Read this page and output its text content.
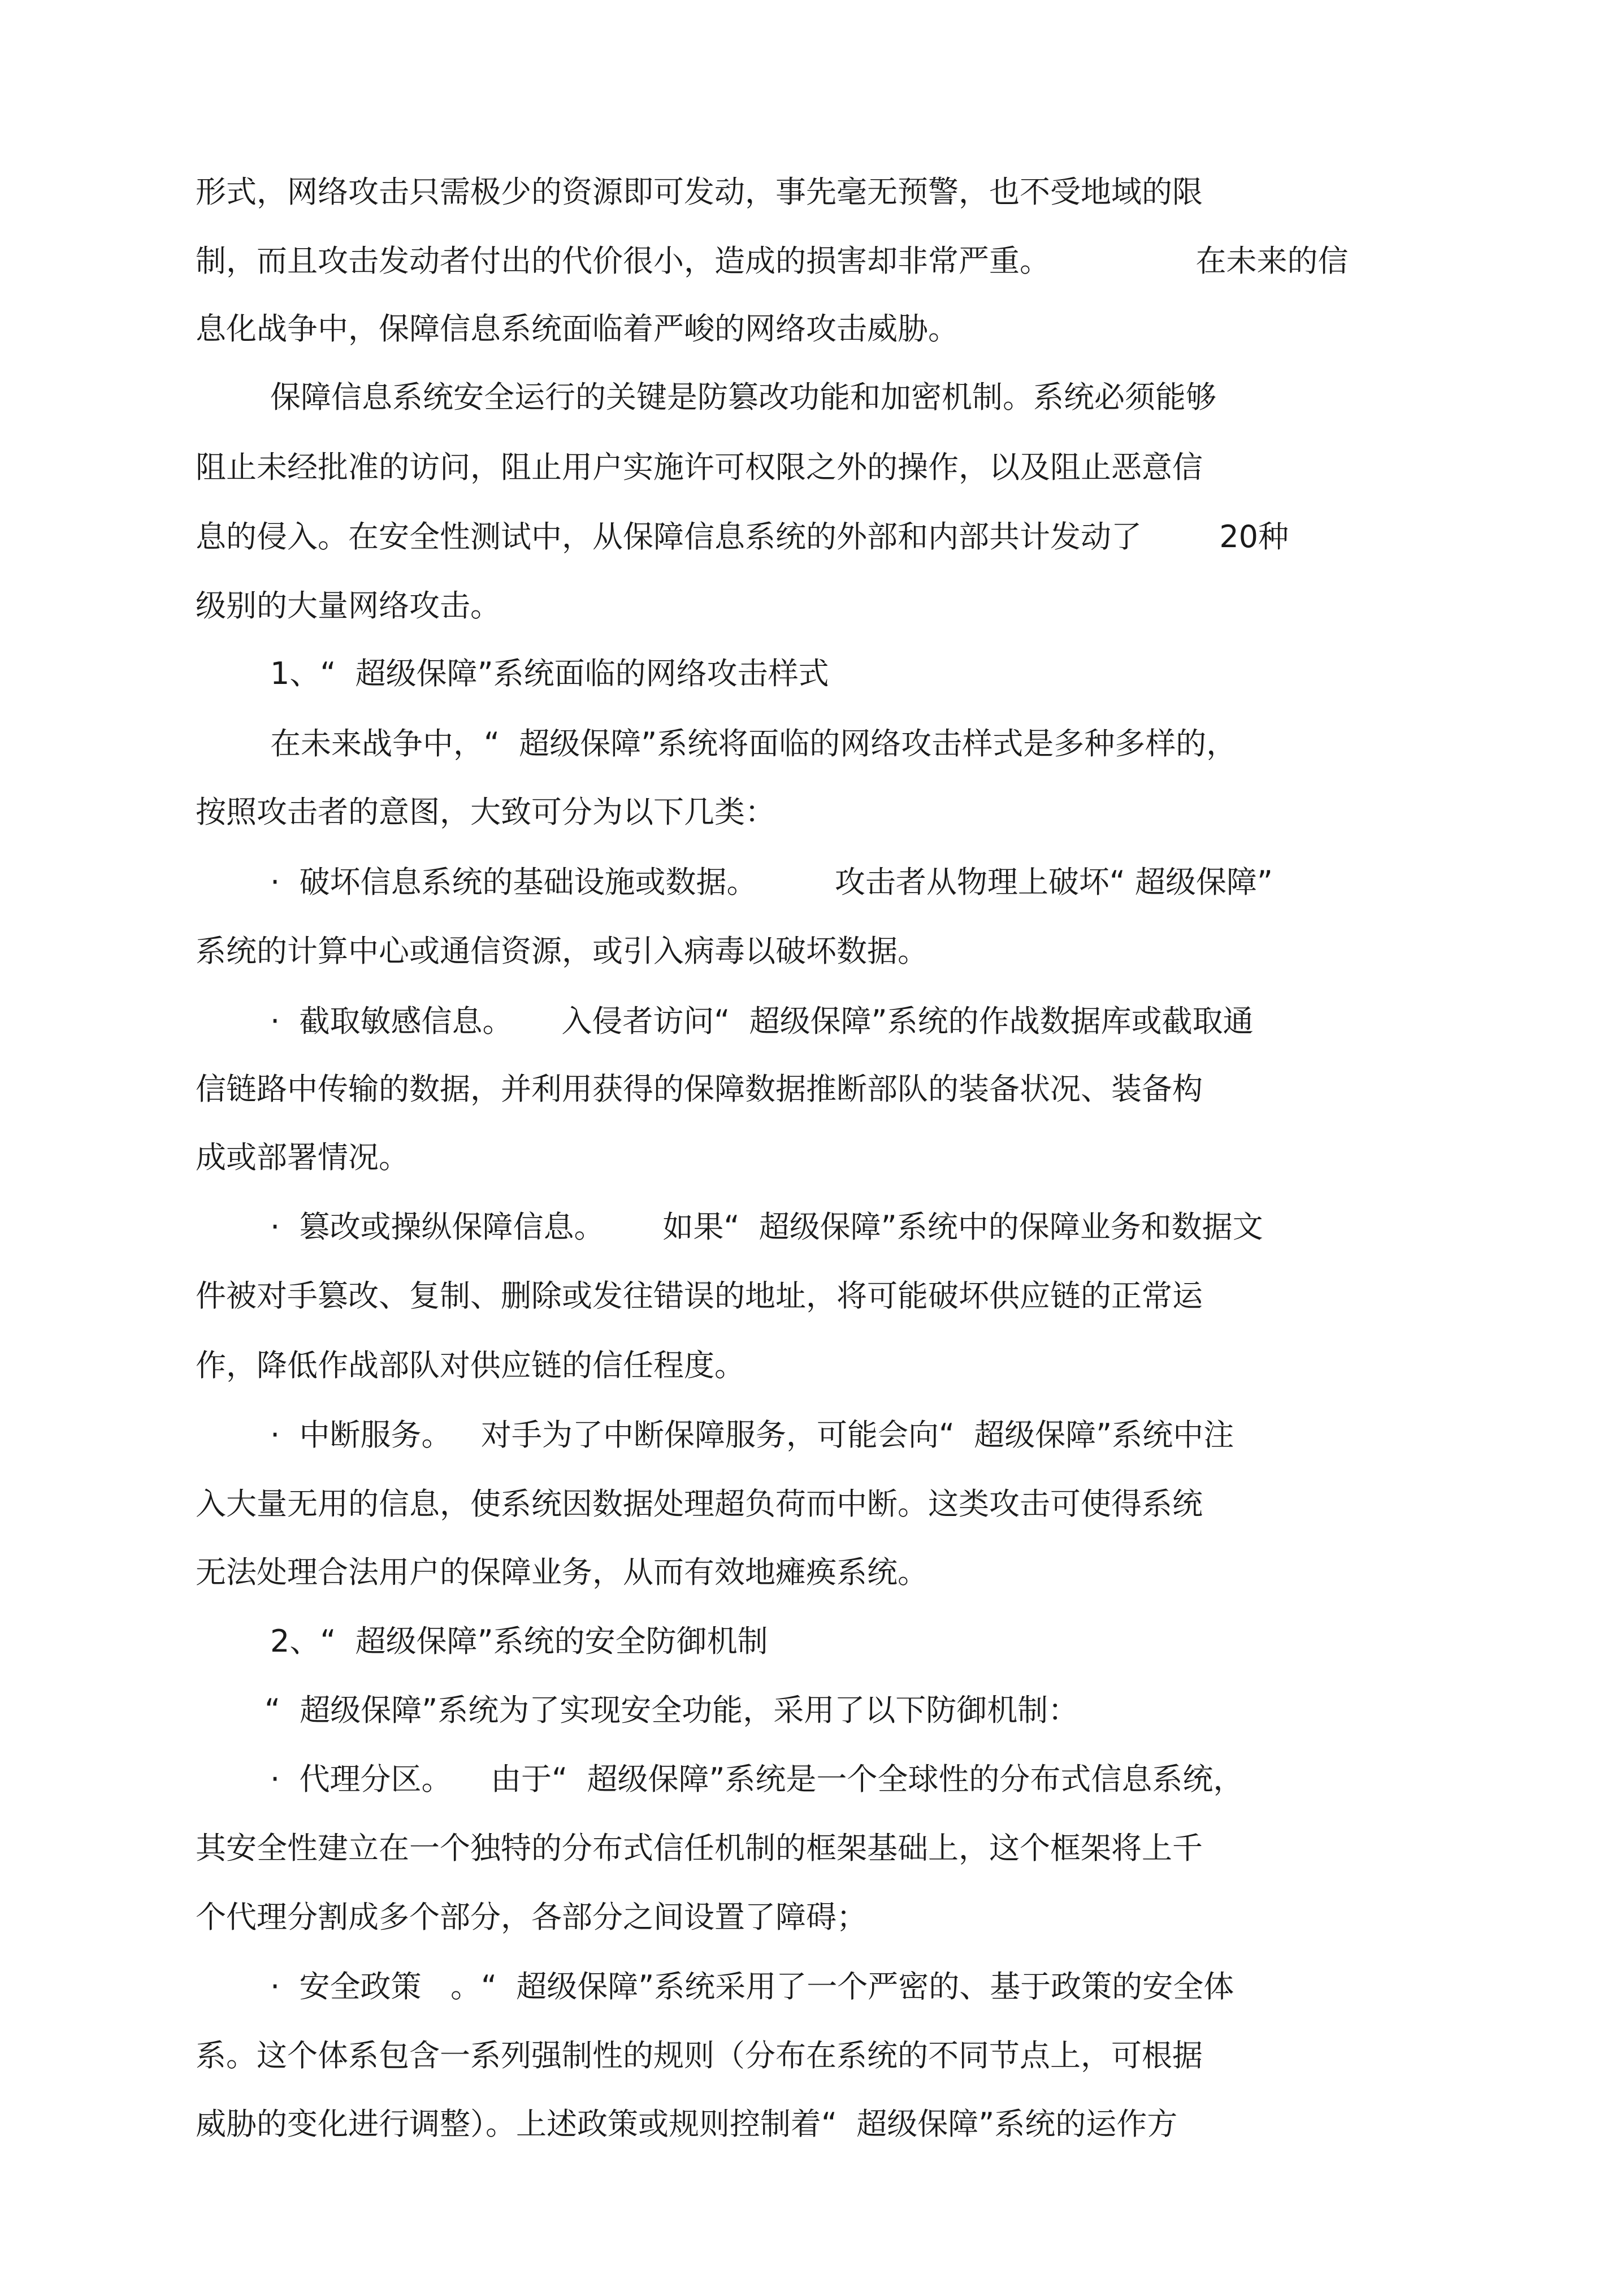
形式，网络攻击只需极少的资源即可发动，事先毫无预警，也不受地域的限

制，而且攻击发动者付出的代价很小，造成的损害却非常严重。               在未来的信

息化战争中，保障信息系统面临着严峻的网络攻击威胁。

保障信息系统安全运行的关键是防篡改功能和加密机制。系统必须能够

阻止未经批准的访问，阻止用户实施许可权限之外的操作，以及阻止恶意信

息的侵入。在安全性测试中，从保障信息系统的外部和内部共计发动了        20种

级别的大量网络攻击。

1、“  超级保障”系统面临的网络攻击样式

在未来战争中，“  超级保障”系统将面临的网络攻击样式是多种多样的，

按照攻击者的意图，大致可分为以下几类：

·  破坏信息系统的基础设施或数据。        攻击者从物理上破坏“ 超级保障”

系统的计算中心或通信资源，或引入病毒以破坏数据。

·  截取敏感信息。     入侵者访问“  超级保障”系统的作战数据库或截取通

信链路中传输的数据，并利用获得的保障数据推断部队的装备状况、装备构

成或部署情况。

·  篡改或操纵保障信息。      如果“  超级保障”系统中的保障业务和数据文

件被对手篡改、复制、删除或发往错误的地址，将可能破坏供应链的正常运

作，降低作战部队对供应链的信任程度。

·  中断服务。   对手为了中断保障服务，可能会向“  超级保障”系统中注

入大量无用的信息，使系统因数据处理超负荷而中断。这类攻击可使得系统

无法处理合法用户的保障业务，从而有效地瘫痪系统。

2、“  超级保障”系统的安全防御机制

“  超级保障”系统为了实现安全功能，采用了以下防御机制：

·  代理分区。    由于“  超级保障”系统是一个全球性的分布式信息系统，

其安全性建立在一个独特的分布式信任机制的框架基础上，这个框架将上千

个代理分割成多个部分，各部分之间设置了障碍；

·  安全政策   。“  超级保障”系统采用了一个严密的、基于政策的安全体

系。这个体系包含一系列强制性的规则（分布在系统的不同节点上，可根据

威胁的变化进行调整）。上述政策或规则控制着“  超级保障”系统的运作方
